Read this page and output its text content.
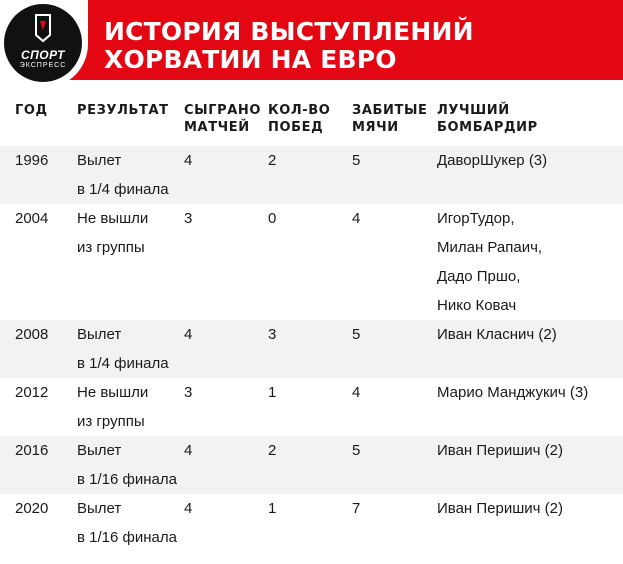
СПОРТ
ЭКСПРЕСС
ИСТОРИЯ ВЫСТУПЛЕНИЙ
ХОРВАТИИ НА ЕВРО
ГОД РЕЗУЛЬТАТ СЫГРАНО
МАТЧЕЙ
КОЛ-ВО
ПОБЕД
ЗАБИТЫЕ
МЯЧИ
ЛУЧШИЙ
БОМБАРДИР
1996 Вылет
в 1/4 финала
4	2	5	ДаворШукер (3)
2004 Не вышли
из группы
3	0	4	ИгорТудор,
Милан Рапаич,
Дадо Пршо,
Нико Ковач
2008 Вылет
в 1/4 финала
4	3	5	Иван Класнич (2)
2012 Не вышли
из группы
3	1	4	Марио Манджукич (3)
2016 Вылет
в 1/16 финала
4	2	5	Иван Перишич (2)
2020 Вылет
в 1/16 финала
4	1	7	Иван Перишич (2)
